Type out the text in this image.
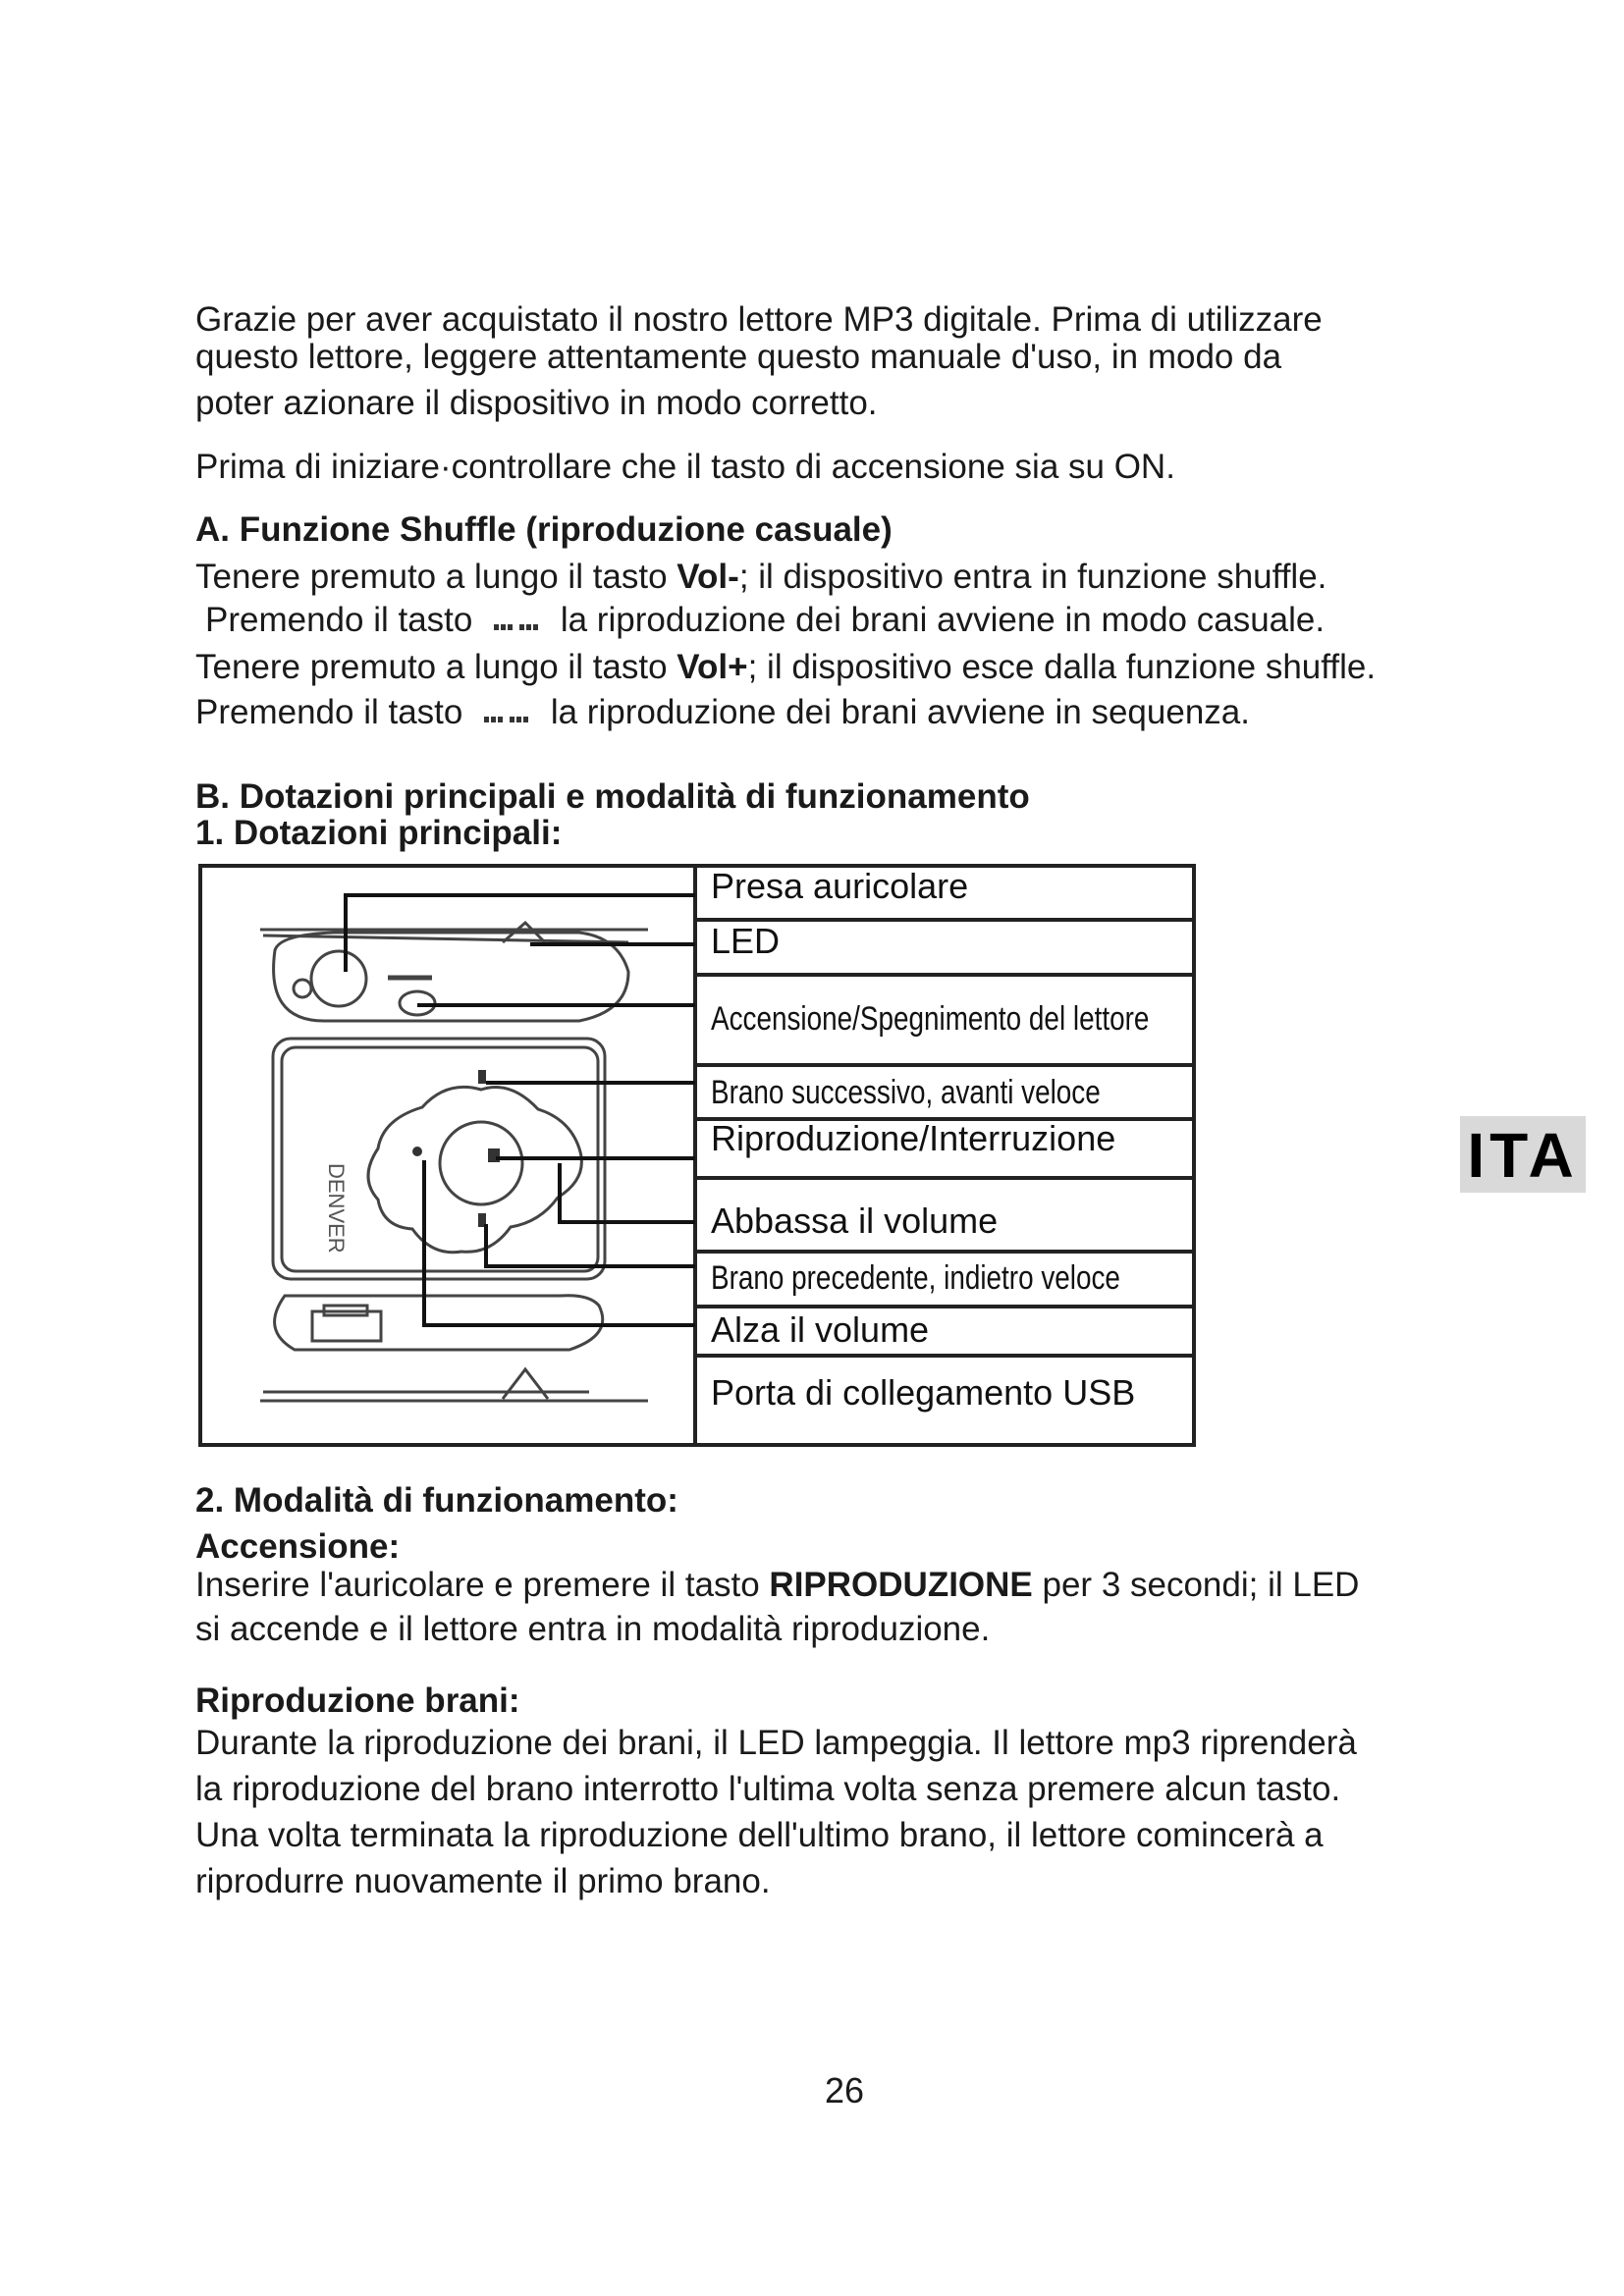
Grazie per aver acquistato il nostro lettore MP3 digitale. Prima di utilizzare
questo lettore, leggere attentamente questo manuale d'uso, in modo da
poter azionare il dispositivo in modo corretto.
Prima di iniziare·controllare che il tasto di accensione sia su ON.
A. Funzione Shuffle (riproduzione casuale)
Tenere premuto a lungo il tasto Vol-; il dispositivo entra in funzione shuffle.
Premendo il tasto	la riproduzione dei brani avviene in modo casuale.
Tenere premuto a lungo il tasto Vol+; il dispositivo esce dalla funzione shuffle.
Premendo il tasto	la riproduzione dei brani avviene in sequenza.
B. Dotazioni principali e modalità di funzionamento
1. Dotazioni principali:
DENVER
Presa auricolare
LED
Accensione/Spegnimento del lettore
Brano successivo, avanti veloce
Riproduzione/Interruzione
Abbassa il volume
Brano precedente, indietro veloce
Alza il volume
Porta di collegamento USB
2. Modalità di funzionamento:
Accensione:
Inserire l'auricolare e premere il tasto RIPRODUZIONE per 3 secondi; il LED
si accende e il lettore entra in modalità riproduzione.
Riproduzione brani:
Durante la riproduzione dei brani, il LED lampeggia. Il lettore mp3 riprenderà
la riproduzione del brano interrotto l'ultima volta senza premere alcun tasto.
Una volta terminata la riproduzione dell'ultimo brano, il lettore comincerà a
riprodurre nuovamente il primo brano.
ITA
26
